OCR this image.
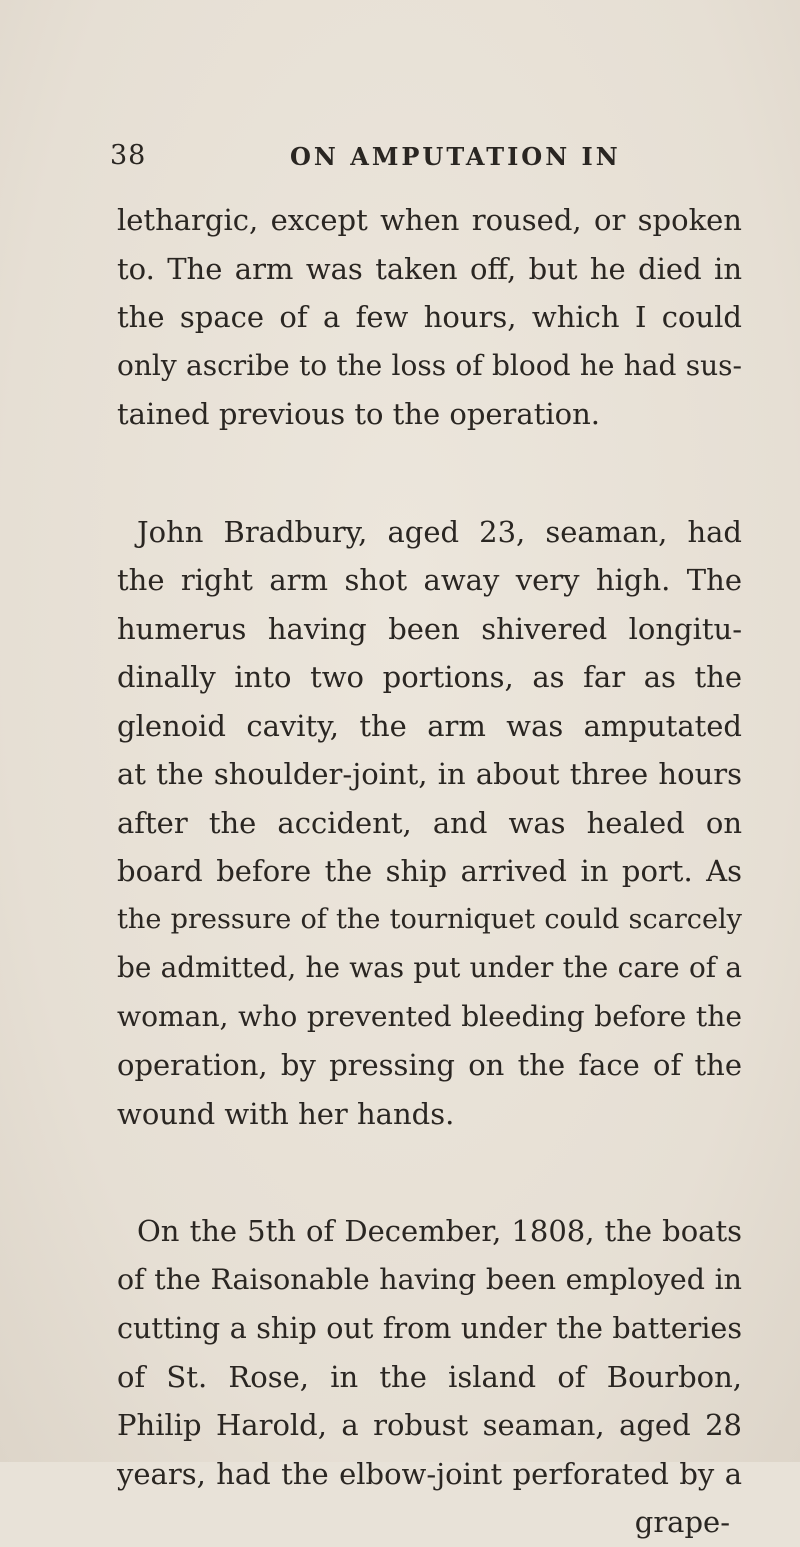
38	ON AMPUTATION IN
lethargic, except when roused, or spoken
to. The arm was taken off, but he died in
the space of a few hours, which I could
only ascribe to the loss of blood he had sus-
tained previous to the operation.
John Bradbury, aged 23, seaman, had
the right arm shot away very high. The
humerus having been shivered longitu-
dinally into two portions, as far as the
glenoid cavity, the arm was amputated
at the shoulder-joint, in about three hours
after the accident, and was healed on
board before the ship arrived in port. As
the pressure of the tourniquet could scarcely
be admitted, he was put under the care of a
woman, who prevented bleeding before the
operation, by pressing on the face of the
wound with her hands.
On the 5th of December, 1808, the boats
of the Raisonable having been employed in
cutting a ship out from under the batteries
of St. Rose, in the island of Bourbon,
Philip Harold, a robust seaman, aged 28
years, had the elbow-joint perforated by a
grape-
